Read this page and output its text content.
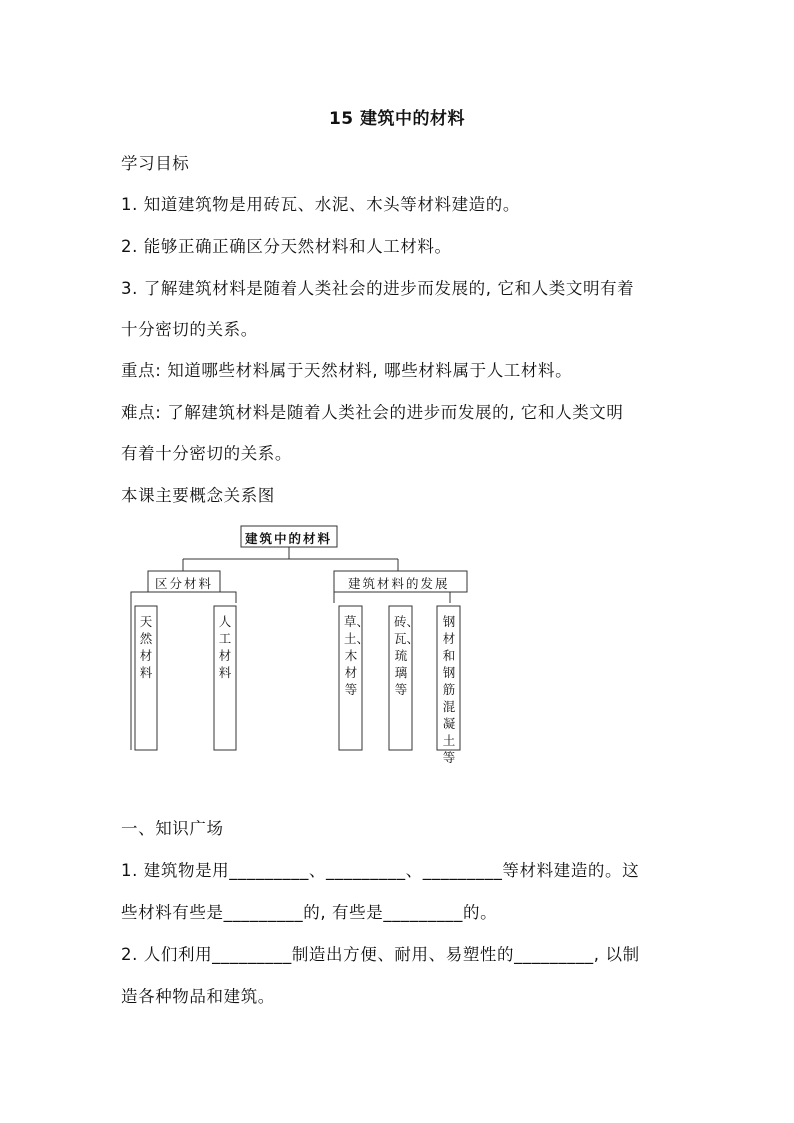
15 建筑中的材料
学习目标
1. 知道建筑物是用砖瓦、水泥、木头等材料建造的。
2. 能够正确正确区分天然材料和人工材料。
3. 了解建筑材料是随着人类社会的进步而发展的, 它和人类文明有着
十分密切的关系。
重点: 知道哪些材料属于天然材料, 哪些材料属于人工材料。
难点: 了解建筑材料是随着人类社会的进步而发展的, 它和人类文明
有着十分密切的关系。
本课主要概念关系图
建筑中的材料
区分材料	建筑材料的发展
天然材料
人工材料
草、土、木材等
砖、瓦、琉璃等
钢材和钢筋混凝土等
一、知识广场
1. 建筑物是用_________、_________、_________等材料建造的。这
些材料有些是_________的, 有些是_________的。
2. 人们利用_________制造出方便、耐用、易塑性的_________, 以制
造各种物品和建筑。
